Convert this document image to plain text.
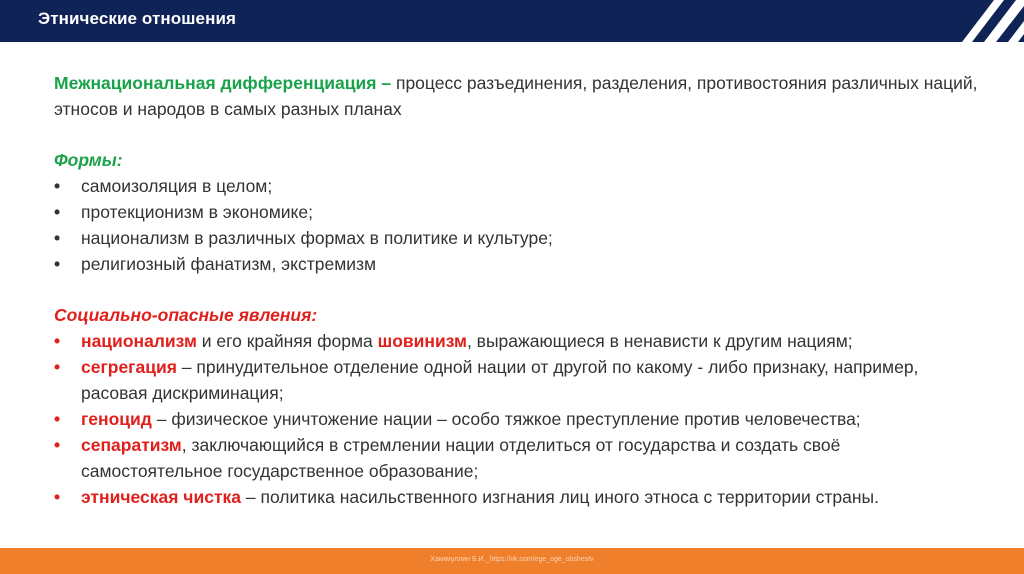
Этнические отношения

Межнациональная дифференциация – процесс разъединения, разделения, противостояния различных наций, этносов и народов в самых разных планах

Формы:
• самоизоляция в целом;
• протекционизм в экономике;
• национализм в различных формах в политике и культуре;
• религиозный фанатизм, экстремизм
Социально-опасные явления:
• национализм и его крайняя форма шовинизм, выражающиеся в ненависти к другим нациям;
• сегрегация – принудительное отделение одной нации от другой по какому - либо признаку, например, расовая дискриминация;
• геноцид – физическое уничтожение нации – особо тяжкое преступление против человечества;
• сепаратизм, заключающийся в стремлении нации отделиться от государства и создать своё самостоятельное государственное образование;
• этническая чистка – политика насильственного изгнания лиц иного этноса с территории страны.
Хакимуллин Б.И._https://vk.com/ege_oge_obshestv
